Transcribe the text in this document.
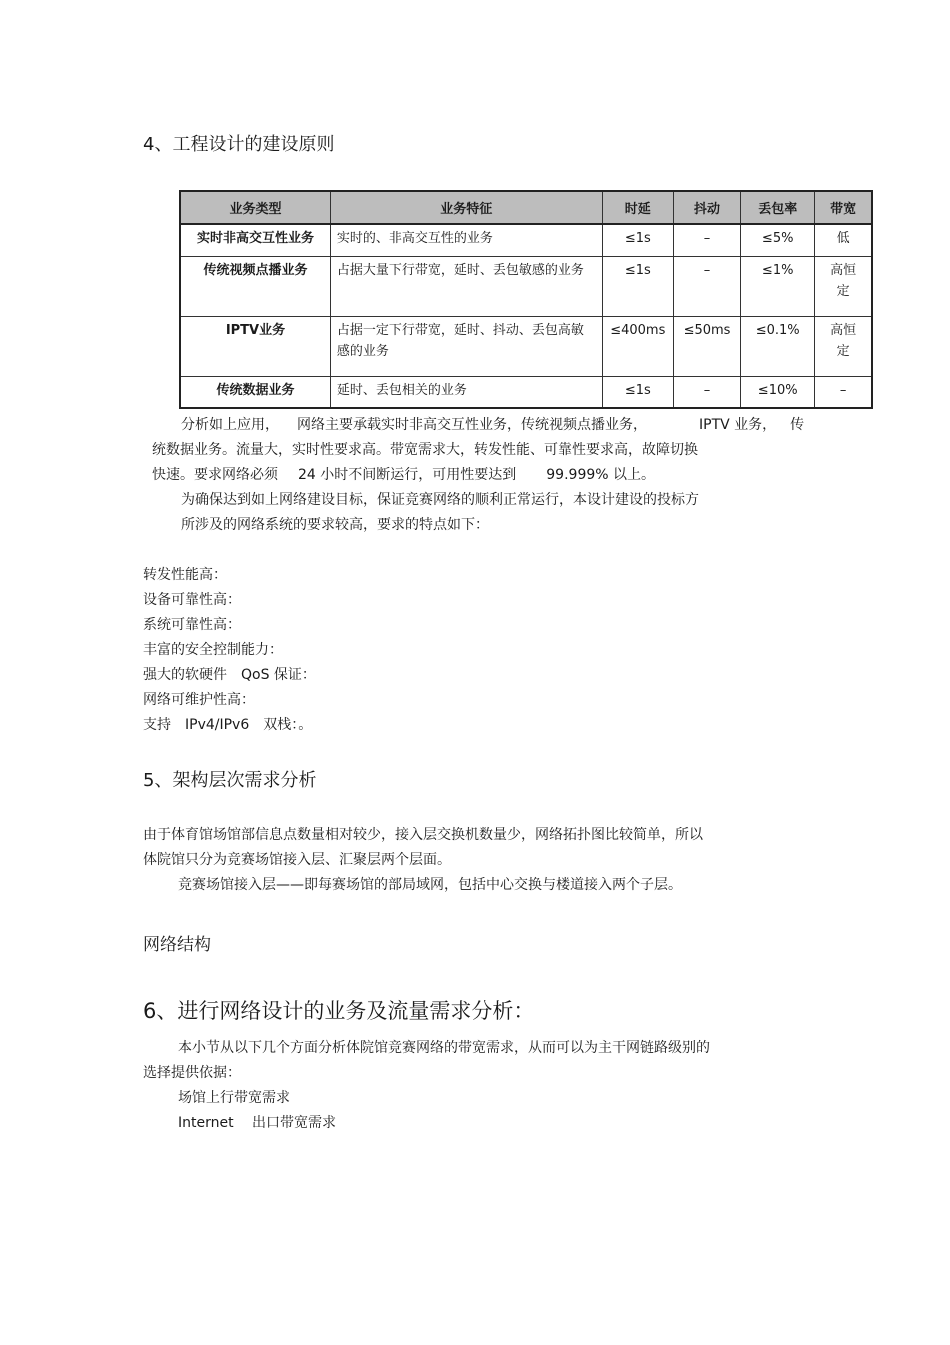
4、工程设计的建设原则
业务类型	业务特征	时延	抖动	丢包率	带宽
实时非高交互性业务	实时的、非高交互性的业务	≤1s	–	≤5%	低
传统视频点播业务	占据大量下行带宽，延时、丢包敏感的业务	≤1s	–	≤1%	高恒定
IPTV业务	占据一定下行带宽，延时、抖动、丢包高敏感的业务	≤400ms	≤50ms	≤0.1%	高恒定
传统数据业务	延时、丢包相关的业务	≤1s	–	≤10%	–
分析如上应用， 网络主要承载实时非高交互性业务，传统视频点播业务，	IPTV 业务， 传
统数据业务。流量大，实时性要求高。带宽需求大，转发性能、可靠性要求高，故障切换
快速。要求网络必须 24 小时不间断运行，可用性要达到 99.999% 以上。
为确保达到如上网络建设目标，保证竞赛网络的顺利正常运行，本设计建设的投标方
所涉及的网络系统的要求较高，要求的特点如下：
转发性能高：
设备可靠性高：
系统可靠性高：
丰富的安全控制能力：
强大的软硬件　QoS 保证：
网络可维护性高：
支持　IPv4/IPv6　双栈：。
5、架构层次需求分析
由于体育馆场馆部信息点数量相对较少，接入层交换机数量少，网络拓扑图比较简单，所以
体院馆只分为竞赛场馆接入层、汇聚层两个层面。
竞赛场馆接入层——即每赛场馆的部局域网，包括中心交换与楼道接入两个子层。
网络结构
6、进行网络设计的业务及流量需求分析：
本小节从以下几个方面分析体院馆竞赛网络的带宽需求，从而可以为主干网链路级别的
选择提供依据：
场馆上行带宽需求
Internet　 出口带宽需求
